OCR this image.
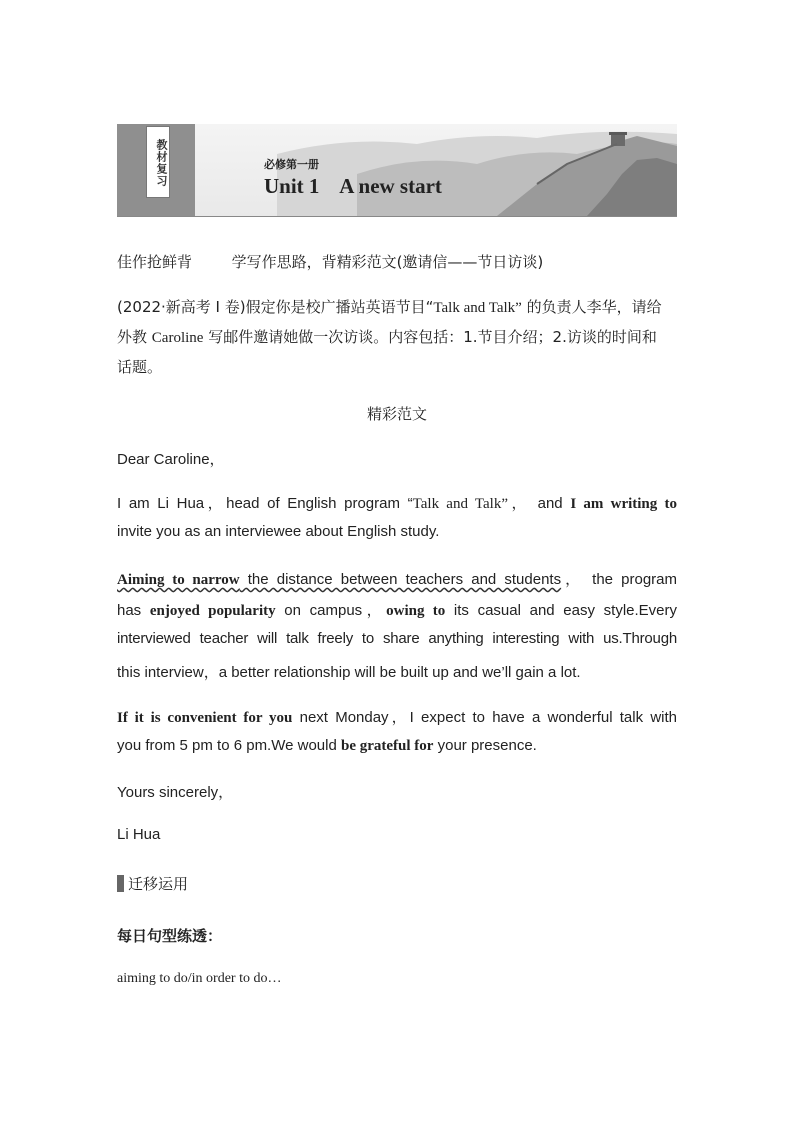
教材复习	必修第一册
Unit 1    A new start
佳作抢鲜背	学写作思路，背精彩范文(邀请信——节日访谈)
(2022·新高考 I 卷)假定你是校广播站英语节目“Talk and Talk” 的负责人李华，请给
外教 Caroline 写邮件邀请她做一次访谈。内容包括：1.节目介绍；2.访谈的时间和
话题。
精彩范文
Dear Caroline，
I am Li Hua，head of English program “Talk and Talk”， and I am writing to
invite you as an interviewee about English study.
Aiming to narrow the distance between teachers and students， the program
has enjoyed popularity on campus，owing to its casual and easy style.Every
interviewed teacher will talk freely to share anything interesting with us.Through
this interview，a better relationship will be built up and we’ll gain a lot.
If it is convenient for you next Monday，I expect to have a wonderful talk with
you from 5 pm to 6 pm.We would be grateful for your presence.
Yours sincerely，
Li Hua
迁移运用
每日句型练透：
aiming to do/in order to do…
